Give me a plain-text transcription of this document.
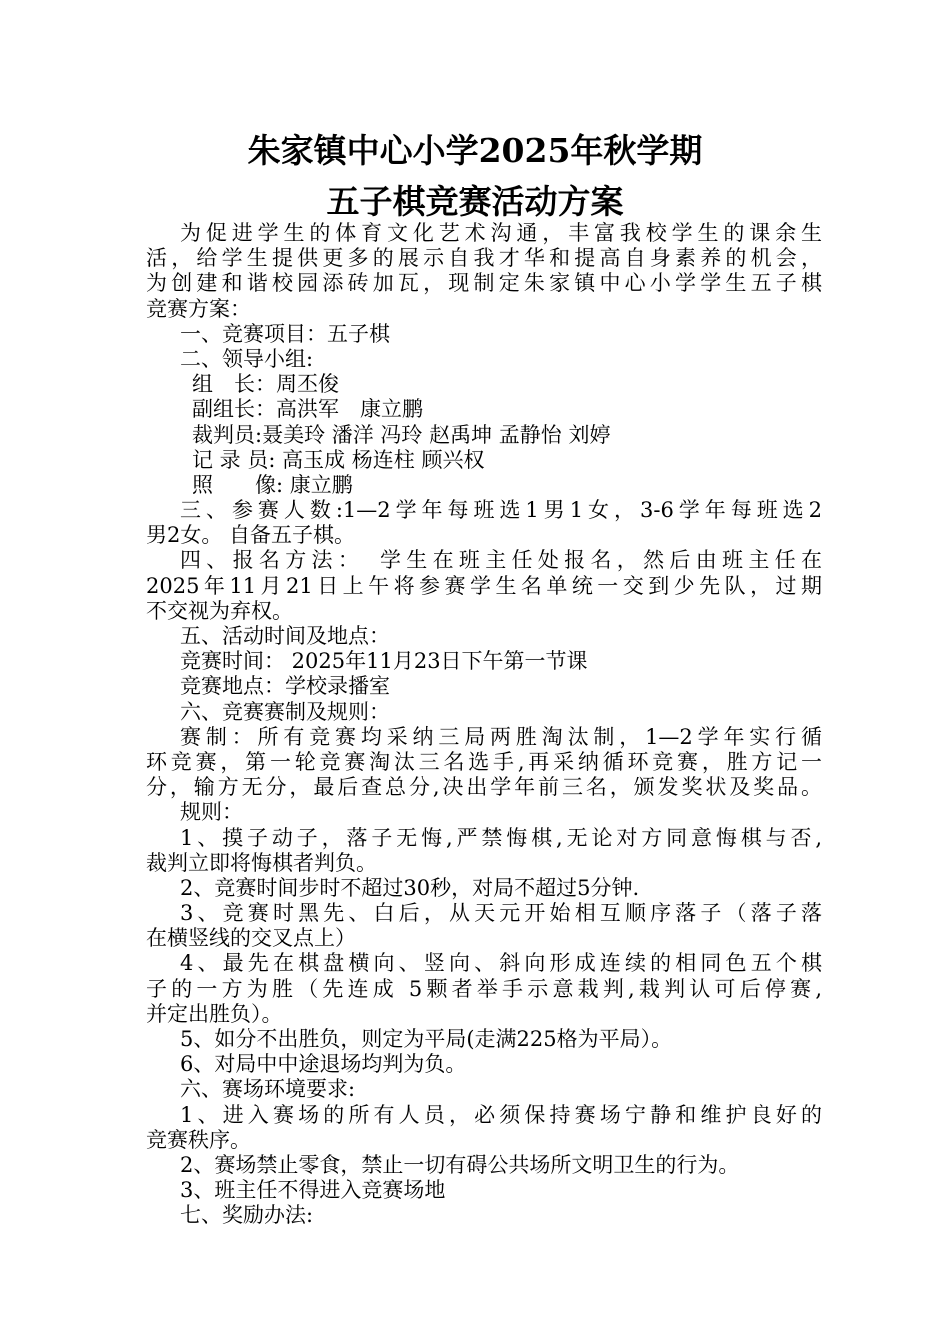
朱家镇中心小学2025年秋学期
五子棋竞赛活动方案
为促进学生的体育文化艺术沟通，丰富我校学生的课余生
活，给学生提供更多的展示自我才华和提高自身素养的机会，
为创建和谐校园添砖加瓦，现制定朱家镇中心小学学生五子棋
竞赛方案：
一、竞赛项目：五子棋
二、领导小组:
组　长：周丕俊
副组长：高洪军　康立鹏
裁判员:聂美玲 潘洋 冯玲 赵禹坤 孟静怡 刘婷
记 录 员: 高玉成 杨连柱 顾兴权
照　　像: 康立鹏
三、参赛人数:1—2学年每班选1男1女，3-6学年每班选2
男2女。 自备五子棋。
四、报名方法：　学生在班主任处报名，然后由班主任在
2025年11月21日上午将参赛学生名单统一交到少先队，过期
不交视为弃权。
五、活动时间及地点：
竞赛时间： 2025年11月23日下午第一节课
竞赛地点：学校录播室
六、竞赛赛制及规则：
赛制：所有竞赛均采纳三局两胜淘汰制，1—2学年实行循
环竞赛，第一轮竞赛淘汰三名选手,再采纳循环竞赛，胜方记一
分，输方无分，最后查总分,决出学年前三名，颁发奖状及奖品。
规则：
1、摸子动子，落子无悔,严禁悔棋,无论对方同意悔棋与否,
裁判立即将悔棋者判负。
2、竞赛时间步时不超过30秒，对局不超过5分钟.
3、竞赛时黑先、白后，从天元开始相互顺序落子（落子落
在横竖线的交叉点上）
4、最先在棋盘横向、竖向、斜向形成连续的相同色五个棋
子的一方为胜（先连成 5颗者举手示意栽判,栽判认可后停赛,
并定出胜负）。
5、如分不出胜负，则定为平局(走满225格为平局）。
6、对局中中途退场均判为负。
六、赛场环境要求:
1、进入赛场的所有人员，必须保持赛场宁静和维护良好的
竞赛秩序。
2、赛场禁止零食，禁止一切有碍公共场所文明卫生的行为。
3、班主任不得进入竞赛场地
七、奖励办法:
